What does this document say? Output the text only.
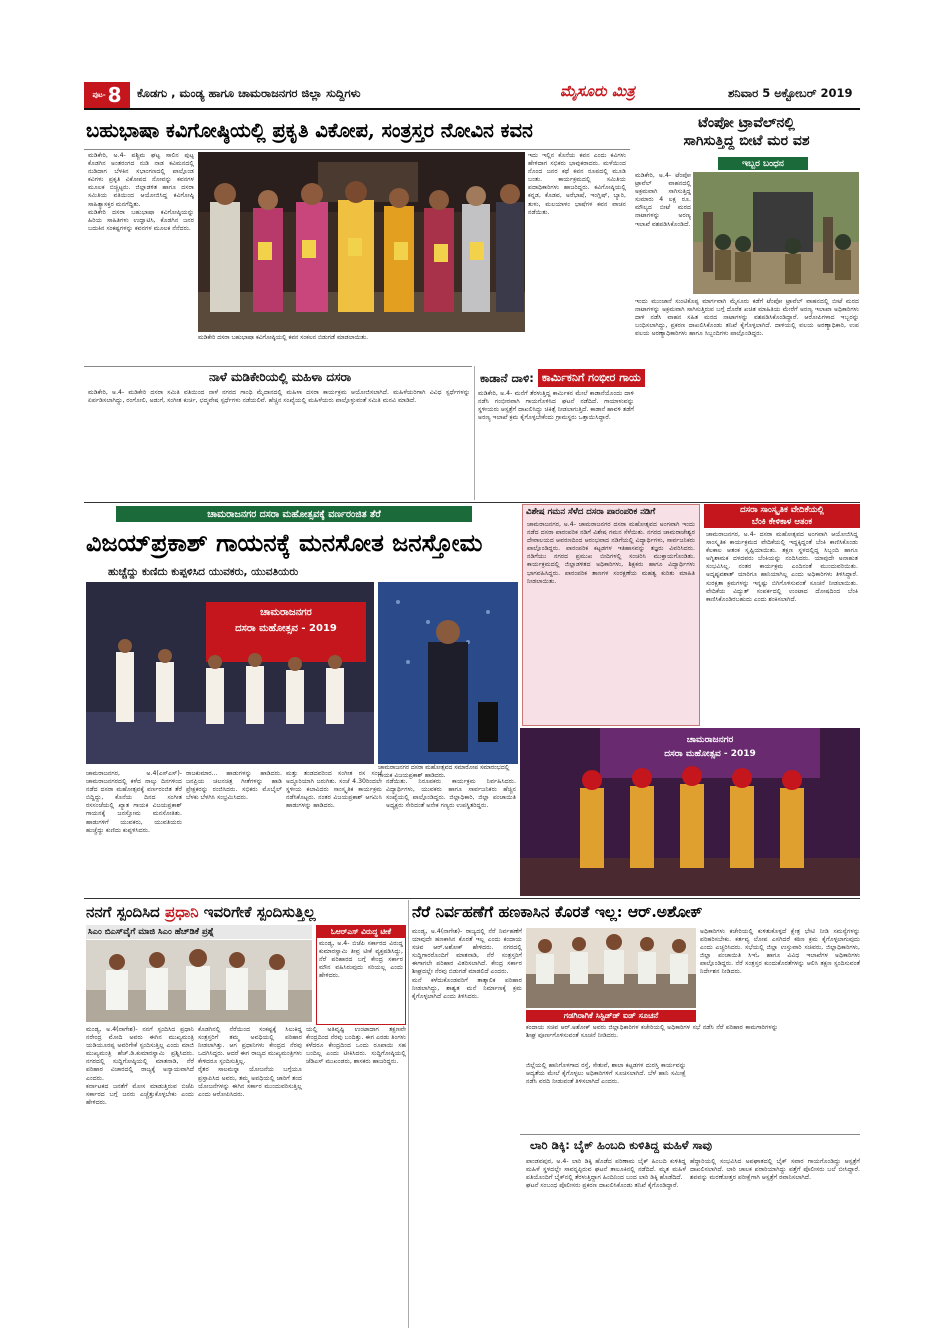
ಪುಟ- 8 ಕೊಡಗು , ಮಂಡ್ಯ ಹಾಗೂ ಚಾಮರಾಜನಗರ ಜಿಲ್ಲಾ ಸುದ್ದಿಗಳು	ಮೈಸೂರು ಮಿತ್ರ	ಶನಿವಾರ 5 ಅಕ್ಟೋಬರ್ 2019
ಬಹುಭಾಷಾ ಕವಿಗೋಷ್ಠಿಯಲ್ಲಿ ಪ್ರಕೃತಿ ವಿಕೋಪ, ಸಂತ್ರಸ್ತರ ನೋವಿನ ಕವನ
ಮಡಿಕೇರಿ, ಅ.4- ಪಶ್ಚಿಮ ಘಟ್ಟ ಸಾಲಿನ ಪುಟ್ಟ ಕೊಡಗಿನ ಅಂತರಂಗದ ನುಡಿ ನಾಡ ಕವಿಮನದಲ್ಲಿ ನುಡಿದಾಗ ಬೆಳಕಿನ ಸಭಾಂಗಣದಲ್ಲಿ ಪಾಲ್ಗೊಂಡ ಕವಿಗಳು ಪ್ರಕೃತಿ ವಿಕೋಪದ ನೋವನ್ನು ಕವನಗಳ ಮೂಲಕ ಬಿಚ್ಚಿಟ್ಟರು. ಜಿಲ್ಲಾಡಳಿತ ಹಾಗೂ ದಸರಾ ಸಮಿತಿಯ ವತಿಯಿಂದ ಆಯೋಜಿಸಿದ್ದ ಕವಿಗೋಷ್ಠಿ ಸಾಹಿತ್ಯಾಸಕ್ತರ ಮನಗೆದ್ದಿತು.
ಮಡಿಕೇರಿ ದಸರಾ ಬಹುಭಾಷಾ ಕವಿಗೋಷ್ಠಿಯನ್ನು ಹಿರಿಯ ಸಾಹಿತಿಗಳು ಉದ್ಘಾಟಿಸಿ, ಕೊಡಗಿನ ಜನರ ಬದುಕಿನ ಸಂಕಷ್ಟಗಳನ್ನು ಕವನಗಳ ಮೂಲಕ ನೆನೆದರು.
ಮಡಿಕೇರಿ ದಸರಾ ಬಹುಭಾಷಾ ಕವಿಗೋಷ್ಠಿಯಲ್ಲಿ ಕವನ ಸಂಕಲನ ಬಿಡುಗಡೆ ಮಾಡಲಾಯಿತು.
ಇದು ಇಲ್ಲಿನ ಕೊನೆಯ ಕವನ ಎಂದು ಕವಿಗಳು ಹೇಳಿದಾಗ ಸಭಿಕರು ಭಾವುಕರಾದರು. ಮಳೆಯಿಂದ ನೊಂದ ಜನರ ಕಥೆ ಕವನ ರೂಪದಲ್ಲಿ ಮೂಡಿ ಬಂತು. ಕಾರ್ಯಕ್ರಮದಲ್ಲಿ ಸಮಿತಿಯ ಪದಾಧಿಕಾರಿಗಳು ಹಾಜರಿದ್ದರು. ಕವಿಗೋಷ್ಠಿಯಲ್ಲಿ ಕನ್ನಡ, ಕೊಡವ, ಅರೆಭಾಷೆ, ಇಂಗ್ಲಿಷ್, ಬ್ಯಾರಿ, ತುಳು, ಮಲಯಾಳಂ ಭಾಷೆಗಳ ಕವನ ವಾಚನ ನಡೆಯಿತು.
ಟೆಂಪೋ ಟ್ರಾವೆಲ್‌ನಲ್ಲಿ
ಸಾಗಿಸುತ್ತಿದ್ದ ಬೀಟೆ ಮರ ವಶ
ಇಬ್ಬರ ಬಂಧನ
ಮಡಿಕೇರಿ, ಅ.4- ಟೆಂಪೋ ಟ್ರಾವೆಲ್ ವಾಹನದಲ್ಲಿ ಅಕ್ರಮವಾಗಿ ಸಾಗಿಸುತ್ತಿದ್ದ ಸುಮಾರು 4 ಲಕ್ಷ ರೂ. ಮೌಲ್ಯದ ಬೀಟೆ ಮರದ ನಾಟಾಗಳನ್ನು ಅರಣ್ಯ ಇಲಾಖೆ ವಶಪಡಿಸಿಕೊಂಡಿದೆ.
ಇಂದು ಮುಂಜಾನೆ ಸುಂಟಿಕೊಪ್ಪ ಮಾರ್ಗವಾಗಿ ಮೈಸೂರು ಕಡೆಗೆ ಟೆಂಪೋ ಟ್ರಾವೆಲ್ ವಾಹನದಲ್ಲಿ ಬೀಟೆ ಮರದ ನಾಟಾಗಳನ್ನು ಅಕ್ರಮವಾಗಿ ಸಾಗಿಸುತ್ತಿರುವ ಬಗ್ಗೆ ದೊರೆತ ಖಚಿತ ಮಾಹಿತಿಯ ಮೇರೆಗೆ ಅರಣ್ಯ ಇಲಾಖಾ ಅಧಿಕಾರಿಗಳು ದಾಳಿ ನಡೆಸಿ ವಾಹನ ಸಹಿತ ಮರದ ನಾಟಾಗಳನ್ನು ವಶಪಡಿಸಿಕೊಂಡಿದ್ದಾರೆ. ಆರೋಪಿಗಳಾದ ಇಬ್ಬರನ್ನು ಬಂಧಿಸಲಾಗಿದ್ದು, ಪ್ರಕರಣ ದಾಖಲಿಸಿಕೊಂಡು ತನಿಖೆ ಕೈಗೊಳ್ಳಲಾಗಿದೆ. ದಾಳಿಯಲ್ಲಿ ವಲಯ ಅರಣ್ಯಾಧಿಕಾರಿ, ಉಪ ವಲಯ ಅರಣ್ಯಾಧಿಕಾರಿಗಳು ಹಾಗೂ ಸಿಬ್ಬಂದಿಗಳು ಪಾಲ್ಗೊಂಡಿದ್ದರು.
ನಾಳೆ ಮಡಿಕೇರಿಯಲ್ಲಿ ಮಹಿಳಾ ದಸರಾ
ಮಡಿಕೇರಿ, ಅ.4- ಮಡಿಕೇರಿ ದಸರಾ ಸಮಿತಿ ವತಿಯಿಂದ ನಾಳೆ ನಗರದ ಗಾಂಧಿ ಮೈದಾನದಲ್ಲಿ ಮಹಿಳಾ ದಸರಾ ಕಾರ್ಯಕ್ರಮ ಆಯೋಜಿಸಲಾಗಿದೆ. ಮಹಿಳೆಯರಿಗಾಗಿ ವಿವಿಧ ಸ್ಪರ್ಧೆಗಳನ್ನು ಏರ್ಪಡಿಸಲಾಗಿದ್ದು, ರಂಗೋಲಿ, ಅಡುಗೆ, ಸಂಗೀತ ಕುರ್ಚಿ, ಛದ್ಮವೇಷ ಸ್ಪರ್ಧೆಗಳು ನಡೆಯಲಿವೆ. ಹೆಚ್ಚಿನ ಸಂಖ್ಯೆಯಲ್ಲಿ ಮಹಿಳೆಯರು ಪಾಲ್ಗೊಳ್ಳುವಂತೆ ಸಮಿತಿ ಮನವಿ ಮಾಡಿದೆ.
ಕಾಡಾನೆ ದಾಳಿ: ಕಾರ್ಮಿಕನಿಗೆ ಗಂಭೀರ ಗಾಯ
ಮಡಿಕೇರಿ, ಅ.4- ಮನೆಗೆ ತೆರಳುತ್ತಿದ್ದ ಕಾರ್ಮಿಕನ ಮೇಲೆ ಕಾಡಾನೆಯೊಂದು ದಾಳಿ ನಡೆಸಿ ಗಂಭೀರವಾಗಿ ಗಾಯಗೊಳಿಸಿದ ಘಟನೆ ನಡೆದಿದೆ. ಗಾಯಾಳುವನ್ನು ಸ್ಥಳೀಯರು ಆಸ್ಪತ್ರೆಗೆ ದಾಖಲಿಸಿದ್ದು ಚಿಕಿತ್ಸೆ ನೀಡಲಾಗುತ್ತಿದೆ. ಕಾಡಾನೆ ಹಾವಳಿ ತಡೆಗೆ ಅರಣ್ಯ ಇಲಾಖೆ ಕ್ರಮ ಕೈಗೊಳ್ಳಬೇಕೆಂದು ಗ್ರಾಮಸ್ಥರು ಒತ್ತಾಯಿಸಿದ್ದಾರೆ.
ಚಾಮರಾಜನಗರ ದಸರಾ ಮಹೋತ್ಸವಕ್ಕೆ ವರ್ಣರಂಜಿತ ತೆರೆ
ವಿಜಯ್‌ಪ್ರಕಾಶ್ ಗಾಯನಕ್ಕೆ ಮನಸೋತ ಜನಸ್ತೋಮ
ಹುಚ್ಚೆದ್ದು ಕುಣಿದು ಕುಪ್ಪಳಿಸಿದ ಯುವಕರು, ಯುವತಿಯರು
ಚಾಮರಾಜನಗರ
ದಸರಾ ಮಹೋತ್ಸವ - 2019
ಚಾಮರಾಜನಗರ ದಸರಾ ಮಹೋತ್ಸವದ ಸಮಾರೋಪ ಸಮಾರಂಭದಲ್ಲಿ ಗಾಯಕ ವಿಜಯಪ್ರಕಾಶ್ ಹಾಡಿದರು.
ಚಾಮರಾಜನಗರ, ಅ.4(ಎಸ್‌ಎಸ್)- ಚಾಮರಾಜನಗರದಲ್ಲಿ ಕಳೆದ ನಾಲ್ಕು ದಿನಗಳಿಂದ ನಡೆದ ದಸರಾ ಮಹೋತ್ಸವಕ್ಕೆ ವರ್ಣರಂಜಿತ ತೆರೆ ಬಿದ್ದಿದ್ದು, ಕೊನೆಯ ದಿನದ ಸಂಗೀತ ರಸಸಂಜೆಯಲ್ಲಿ ಖ್ಯಾತ ಗಾಯಕ ವಿಜಯಪ್ರಕಾಶ್ ಗಾಯನಕ್ಕೆ ಜನಸ್ತೋಮ ಮನಸೋತಿತು. ಹಾಡುಗಳಿಗೆ ಯುವಕರು, ಯುವತಿಯರು ಹುಚ್ಚೆದ್ದು ಕುಣಿದು ಕುಪ್ಪಳಿಸಿದರು.
ರಾಜಕುಮಾರ... ಹಾಡುಗಳನ್ನು ಹಾಡಿದರು. ಜನಪ್ರಿಯ ಚಲನಚಿತ್ರ ಗೀತೆಗಳನ್ನು ಹಾಡಿ ಪ್ರೇಕ್ಷಕರನ್ನು ರಂಜಿಸಿದರು. ಸಭಿಕರು ಮೊಬೈಲ್ ಬೆಳಕು ಬೆಳಗಿಸಿ ಸಂಭ್ರಮಿಸಿದರು.
ಮತ್ತು ತಂಡದವರಿಂದ ಸಂಗೀತ ರಸ ಸಂಜೆ ಅದ್ಧೂರಿಯಾಗಿ ಜರುಗಿತು. ಸಂಜೆ 4.30ರಿಂದಲೇ ಸ್ಥಳೀಯ ಕಲಾವಿದರು ಸಾಂಸ್ಕೃತಿಕ ಕಾರ್ಯಕ್ರಮ ನಡೆಸಿಕೊಟ್ಟರು. ನಂತರ ವಿಜಯಪ್ರಕಾಶ್ ಆಗಮಿಸಿ ಹಾಡುಗಳನ್ನು ಹಾಡಿದರು.
ನಡೆಯಿತು. ನಿರೂಪಕರು ಕಾರ್ಯಕ್ರಮ ನಿರ್ವಹಿಸಿದರು. ವಿದ್ಯಾರ್ಥಿಗಳು, ಯುವಕರು ಹಾಗೂ ಸಾರ್ವಜನಿಕರು ಹೆಚ್ಚಿನ ಸಂಖ್ಯೆಯಲ್ಲಿ ಪಾಲ್ಗೊಂಡಿದ್ದರು. ಜಿಲ್ಲಾಧಿಕಾರಿ, ಜಿಲ್ಲಾ ಪಂಚಾಯಿತಿ ಅಧ್ಯಕ್ಷರು ಸೇರಿದಂತೆ ಅನೇಕ ಗಣ್ಯರು ಉಪಸ್ಥಿತರಿದ್ದರು.
ಚಾಮರಾಜನಗರ
ದಸರಾ ಮಹೋತ್ಸವ - 2019
ವಿಶೇಷ ಗಮನ ಸೆಳೆದ ದಸರಾ ಪಾರಂಪರಿಕ ನಡಿಗೆ
ಚಾಮರಾಜನಗರ, ಅ.4- ಚಾಮರಾಜನಗರ ದಸರಾ ಮಹೋತ್ಸವದ ಅಂಗವಾಗಿ ಇಂದು ನಡೆದ ದಸರಾ ಪಾರಂಪರಿಕ ನಡಿಗೆ ವಿಶೇಷ ಗಮನ ಸೆಳೆಯಿತು. ನಗರದ ಚಾಮರಾಜೇಶ್ವರ ದೇವಾಲಯದ ಆವರಣದಿಂದ ಆರಂಭವಾದ ನಡಿಗೆಯಲ್ಲಿ ವಿದ್ಯಾರ್ಥಿಗಳು, ಸಾರ್ವಜನಿಕರು ಪಾಲ್ಗೊಂಡಿದ್ದರು. ಪಾರಂಪರಿಕ ಕಟ್ಟಡಗಳ ಇತಿಹಾಸವನ್ನು ತಜ್ಞರು ವಿವರಿಸಿದರು. ನಡಿಗೆಯು ನಗರದ ಪ್ರಮುಖ ಬೀದಿಗಳಲ್ಲಿ ಸಂಚರಿಸಿ ಮುಕ್ತಾಯಗೊಂಡಿತು. ಕಾರ್ಯಕ್ರಮದಲ್ಲಿ ಜಿಲ್ಲಾಡಳಿತದ ಅಧಿಕಾರಿಗಳು, ಶಿಕ್ಷಕರು ಹಾಗೂ ವಿದ್ಯಾರ್ಥಿಗಳು ಭಾಗವಹಿಸಿದ್ದರು. ಪಾರಂಪರಿಕ ತಾಣಗಳ ಸಂರಕ್ಷಣೆಯ ಮಹತ್ವ ಕುರಿತು ಮಾಹಿತಿ ನೀಡಲಾಯಿತು.
ದಸರಾ ಸಾಂಸ್ಕೃತಿಕ ವೇದಿಕೆಯಲ್ಲಿ
ಬೆಂಕಿ ಕೇಳಿಕಾಳ ಆತಂಕ
ಚಾಮರಾಜನಗರ, ಅ.4- ದಸರಾ ಮಹೋತ್ಸವದ ಅಂಗವಾಗಿ ಆಯೋಜಿಸಿದ್ದ ಸಾಂಸ್ಕೃತಿಕ ಕಾರ್ಯಕ್ರಮದ ವೇದಿಕೆಯಲ್ಲಿ ಇದ್ದಕ್ಕಿದ್ದಂತೆ ಬೆಂಕಿ ಕಾಣಿಸಿಕೊಂಡು ಕೆಲಕಾಲ ಆತಂಕ ಸೃಷ್ಟಿಯಾಯಿತು. ತಕ್ಷಣ ಸ್ಥಳದಲ್ಲಿದ್ದ ಸಿಬ್ಬಂದಿ ಹಾಗೂ ಅಗ್ನಿಶಾಮಕ ದಳದವರು ಬೆಂಕಿಯನ್ನು ನಂದಿಸಿದರು. ಯಾವುದೇ ಅನಾಹುತ ಸಂಭವಿಸಿಲ್ಲ. ನಂತರ ಕಾರ್ಯಕ್ರಮ ಎಂದಿನಂತೆ ಮುಂದುವರಿಯಿತು. ಅದೃಷ್ಟವಶಾತ್ ಯಾರಿಗೂ ಹಾನಿಯಾಗಿಲ್ಲ ಎಂದು ಅಧಿಕಾರಿಗಳು ತಿಳಿಸಿದ್ದಾರೆ. ಸುರಕ್ಷತಾ ಕ್ರಮಗಳನ್ನು ಇನ್ನಷ್ಟು ಬಿಗಿಗೊಳಿಸುವಂತೆ ಸೂಚನೆ ನೀಡಲಾಯಿತು. ವೇದಿಕೆಯ ವಿದ್ಯುತ್ ಸಂಪರ್ಕದಲ್ಲಿ ಉಂಟಾದ ದೋಷದಿಂದ ಬೆಂಕಿ ಕಾಣಿಸಿಕೊಂಡಿರಬಹುದು ಎಂದು ಶಂಕಿಸಲಾಗಿದೆ.
ನನಗೆ ಸ್ಪಂದಿಸಿದ ಪ್ರಧಾನಿ ಇವರಿಗೇಕೆ ಸ್ಪಂದಿಸುತ್ತಿಲ್ಲ
ಸಿಎಂ ಬಿಎಸ್‌ವೈಗೆ ಮಾಜಿ ಸಿಎಂ ಹೆಚ್‌ಡಿಕೆ ಪ್ರಶ್ನೆ	ಓಆರ್‌ಎಸ್ ವಿರುದ್ಧ ಟೀಕೆ
ಮಂಡ್ಯ, ಅ.4- ಬಿಜೆಪಿ ಸರ್ಕಾರದ ವಿರುದ್ಧ ಕುಮಾರಸ್ವಾಮಿ ತೀವ್ರ ಟೀಕೆ ವ್ಯಕ್ತಪಡಿಸಿದ್ದು, ನೆರೆ ಪರಿಹಾರದ ಬಗ್ಗೆ ಕೇಂದ್ರ ಸರ್ಕಾರ ಮೌನ ವಹಿಸಿರುವುದು ಸರಿಯಲ್ಲ ಎಂದು ಹೇಳಿದರು.
ಮಂಡ್ಯ, ಅ.4(ನಾಗೇಶ)- ನನಗೆ ಸ್ಪಂದಿಸಿದ ಪ್ರಧಾನಿ ನರೇಂದ್ರ ಮೋದಿ ಅವರು ಈಗಿನ ಮುಖ್ಯಮಂತ್ರಿ ಯಡಿಯೂರಪ್ಪ ಅವರಿಗೇಕೆ ಸ್ಪಂದಿಸುತ್ತಿಲ್ಲ ಎಂದು ಮಾಜಿ ಮುಖ್ಯಮಂತ್ರಿ ಹೆಚ್.ಡಿ.ಕುಮಾರಸ್ವಾಮಿ ಪ್ರಶ್ನಿಸಿದರು. ನಗರದಲ್ಲಿ ಸುದ್ದಿಗೋಷ್ಠಿಯಲ್ಲಿ ಮಾತನಾಡಿ, ನೆರೆ ಪರಿಹಾರ ವಿಚಾರದಲ್ಲಿ ರಾಜ್ಯಕ್ಕೆ ಅನ್ಯಾಯವಾಗಿದೆ ಎಂದರು.
ಕರ್ನಾಟಕದ ಜನತೆಗೆ ಮೋಸ ಮಾಡುತ್ತಿರುವ ಬಿಜೆಪಿ ಸರ್ಕಾರದ ಬಗ್ಗೆ ಜನರು ಎಚ್ಚೆತ್ತುಕೊಳ್ಳಬೇಕು ಎಂದು ಹೇಳಿದರು.
ಕೊಡಗಿನಲ್ಲಿ ನೆರೆಯಿಂದ ಸಂಕಷ್ಟಕ್ಕೆ ಸಿಲುಕಿದ್ದ ಸಂತ್ರಸ್ತರಿಗೆ ತಮ್ಮ ಅವಧಿಯಲ್ಲಿ ಪರಿಹಾರ ನೀಡಲಾಗಿತ್ತು. ಆಗ ಪ್ರಧಾನಿಗಳು ಕೇಂದ್ರದ ನೆರವು ಒದಗಿಸಿದ್ದರು. ಆದರೆ ಈಗ ರಾಜ್ಯದ ಮುಖ್ಯಮಂತ್ರಿಗಳು ಕೇಳಿದರೂ ಸ್ಪಂದಿಸುತ್ತಿಲ್ಲ.
ರೈತರ ಸಾಲಮನ್ನಾ ಯೋಜನೆಯ ಬಗ್ಗೆಯೂ ಪ್ರಸ್ತಾಪಿಸಿದ ಅವರು, ತಮ್ಮ ಅವಧಿಯಲ್ಲಿ ಜಾರಿಗೆ ತಂದ ಯೋಜನೆಗಳನ್ನು ಈಗಿನ ಸರ್ಕಾರ ಮುಂದುವರಿಸುತ್ತಿಲ್ಲ ಎಂದು ಆರೋಪಿಸಿದರು.
ಯಲ್ಲಿ ಅತಿವೃಷ್ಟಿ ಉಂಟಾದಾಗ ತಕ್ಷಣವೇ ಕೇಂದ್ರದಿಂದ ನೆರವು ಬಂದಿತ್ತು. ಈಗ ಎರಡು ತಿಂಗಳು ಕಳೆದರೂ ಕೇಂದ್ರದಿಂದ ಒಂದು ರೂಪಾಯಿ ಸಹ ಬಂದಿಲ್ಲ ಎಂದು ಟೀಕಿಸಿದರು. ಸುದ್ದಿಗೋಷ್ಠಿಯಲ್ಲಿ ಜೆಡಿಎಸ್ ಮುಖಂಡರು, ಶಾಸಕರು ಹಾಜರಿದ್ದರು.
ನೆರೆ ನಿರ್ವಹಣೆಗೆ ಹಣಕಾಸಿನ ಕೊರತೆ ಇಲ್ಲ: ಆರ್.ಅಶೋಕ್
ಮಂಡ್ಯ, ಅ.4(ನಾಗೇಶ)- ರಾಜ್ಯದಲ್ಲಿ ನೆರೆ ನಿರ್ವಹಣೆಗೆ ಯಾವುದೇ ಹಣಕಾಸಿನ ಕೊರತೆ ಇಲ್ಲ ಎಂದು ಕಂದಾಯ ಸಚಿವ ಆರ್.ಅಶೋಕ್ ಹೇಳಿದರು. ನಗರದಲ್ಲಿ ಸುದ್ದಿಗಾರರೊಂದಿಗೆ ಮಾತನಾಡಿ, ನೆರೆ ಸಂತ್ರಸ್ತರಿಗೆ ಈಗಾಗಲೇ ಪರಿಹಾರ ವಿತರಿಸಲಾಗಿದೆ. ಕೇಂದ್ರ ಸರ್ಕಾರ ಶೀಘ್ರದಲ್ಲೇ ನೆರವು ಬಿಡುಗಡೆ ಮಾಡಲಿದೆ ಎಂದರು.
ಮನೆ ಕಳೆದುಕೊಂಡವರಿಗೆ ತಾತ್ಕಾಲಿಕ ಪರಿಹಾರ ನೀಡಲಾಗಿದ್ದು, ಶಾಶ್ವತ ಮನೆ ನಿರ್ಮಾಣಕ್ಕೆ ಕ್ರಮ ಕೈಗೊಳ್ಳಲಾಗಿದೆ ಎಂದು ತಿಳಿಸಿದರು.
ಗಡಗಿರಾಗಿಕೆ ಸಿಸ್ಟಿಡ್‌ಡ್‌ ಐಡ್‌ ಸೂಚನೆ
ಕಂದಾಯ ಸಚಿವ ಆರ್.ಅಶೋಕ್ ಅವರು ಜಿಲ್ಲಾಧಿಕಾರಿಗಳ ಕಚೇರಿಯಲ್ಲಿ ಅಧಿಕಾರಿಗಳ ಸಭೆ ನಡೆಸಿ ನೆರೆ ಪರಿಹಾರ ಕಾಮಗಾರಿಗಳನ್ನು ಶೀಘ್ರ ಪೂರ್ಣಗೊಳಿಸುವಂತೆ ಸೂಚನೆ ನೀಡಿದರು.
ಅಧಿಕಾರಿಗಳು ಕಚೇರಿಯಲ್ಲಿ ಕುಳಿತುಕೊಳ್ಳದೆ ಕ್ಷೇತ್ರ ಭೇಟಿ ನೀಡಿ ಸಮಸ್ಯೆಗಳನ್ನು ಪರಿಹರಿಸಬೇಕು. ಕರ್ತವ್ಯ ಲೋಪ ಎಸಗಿದರೆ ಕಠಿಣ ಕ್ರಮ ಕೈಗೊಳ್ಳಲಾಗುವುದು ಎಂದು ಎಚ್ಚರಿಸಿದರು. ಸಭೆಯಲ್ಲಿ ಜಿಲ್ಲಾ ಉಸ್ತುವಾರಿ ಸಚಿವರು, ಜಿಲ್ಲಾಧಿಕಾರಿಗಳು, ಜಿಲ್ಲಾ ಪಂಚಾಯಿತಿ ಸಿಇಓ ಹಾಗೂ ವಿವಿಧ ಇಲಾಖೆಗಳ ಅಧಿಕಾರಿಗಳು ಪಾಲ್ಗೊಂಡಿದ್ದರು. ನೆರೆ ಸಂತ್ರಸ್ತರ ಕುಂದುಕೊರತೆಗಳನ್ನು ಆಲಿಸಿ ತಕ್ಷಣ ಸ್ಪಂದಿಸುವಂತೆ ನಿರ್ದೇಶನ ನೀಡಿದರು.
ಜಿಲ್ಲೆಯಲ್ಲಿ ಹಾನಿಗೊಳಗಾದ ರಸ್ತೆ, ಸೇತುವೆ, ಶಾಲಾ ಕಟ್ಟಡಗಳ ದುರಸ್ತಿ ಕಾರ್ಯವನ್ನು ಆದ್ಯತೆಯ ಮೇಲೆ ಕೈಗೊಳ್ಳಲು ಅಧಿಕಾರಿಗಳಿಗೆ ಸೂಚಿಸಲಾಗಿದೆ. ಬೆಳೆ ಹಾನಿ ಸಮೀಕ್ಷೆ ನಡೆಸಿ ವರದಿ ನೀಡುವಂತೆ ತಿಳಿಸಲಾಗಿದೆ ಎಂದರು.
ಲಾರಿ ಡಿಕ್ಕಿ: ಬೈಕ್ ಹಿಂಬದಿ ಕುಳಿತಿದ್ದ ಮಹಿಳೆ ಸಾವು
ಪಾಂಡವಪುರ, ಅ.4- ಲಾರಿ ಡಿಕ್ಕಿ ಹೊಡೆದ ಪರಿಣಾಮ ಬೈಕ್ ಹಿಂಬದಿ ಕುಳಿತಿದ್ದ ಮಹಿಳೆ ಸ್ಥಳದಲ್ಲೇ ಸಾವನ್ನಪ್ಪಿರುವ ಘಟನೆ ತಾಲೂಕಿನಲ್ಲಿ ನಡೆದಿದೆ. ಮೃತ ಮಹಿಳೆ ಪತಿಯೊಂದಿಗೆ ಬೈಕ್‌ನಲ್ಲಿ ತೆರಳುತ್ತಿದ್ದಾಗ ಹಿಂದಿನಿಂದ ಬಂದ ಲಾರಿ ಡಿಕ್ಕಿ ಹೊಡೆದಿದೆ.
ಘಟನೆ ಸಂಬಂಧ ಪೊಲೀಸರು ಪ್ರಕರಣ ದಾಖಲಿಸಿಕೊಂಡು ತನಿಖೆ ಕೈಗೊಂಡಿದ್ದಾರೆ.
ಹೆದ್ದಾರಿಯಲ್ಲಿ ಸಂಭವಿಸಿದ ಅಪಘಾತದಲ್ಲಿ ಬೈಕ್ ಸವಾರ ಗಾಯಗೊಂಡಿದ್ದು ಆಸ್ಪತ್ರೆಗೆ ದಾಖಲಿಸಲಾಗಿದೆ. ಲಾರಿ ಚಾಲಕ ಪರಾರಿಯಾಗಿದ್ದು ಪತ್ತೆಗೆ ಪೊಲೀಸರು ಬಲೆ ಬೀಸಿದ್ದಾರೆ. ಶವವನ್ನು ಮರಣೋತ್ತರ ಪರೀಕ್ಷೆಗಾಗಿ ಆಸ್ಪತ್ರೆಗೆ ರವಾನಿಸಲಾಗಿದೆ.
